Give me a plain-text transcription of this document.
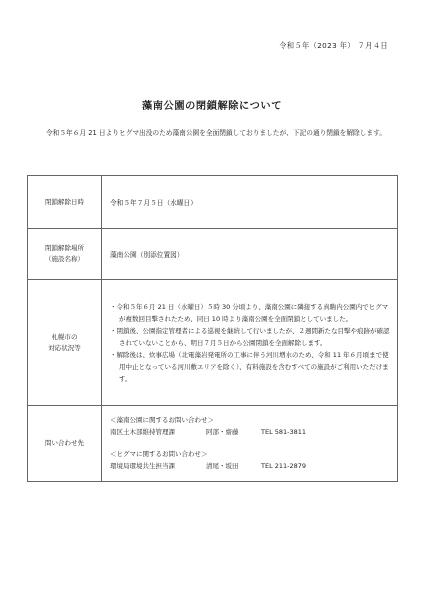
令和５年（2023 年） ７月４日
藻南公園の閉鎖解除について
令和５年６月 21 日よりヒグマ出没のため藻南公園を全面閉鎖しておりましたが、下記の通り閉鎖を解除します。
閉鎖解除日時	令和５年７月５日（水曜日）

閉鎖解除場所
（施設名称）	藻南公園（別添位置図）

札幌市の
対応状況等	・令和５年６月 21 日（水曜日）５時 30 分頃より、藻南公園に隣接する真駒内公園内でヒグマが複数回目撃されたため、同日 10 時より藻南公園を全面閉鎖としていました。
・閉鎖後、公園指定管理者による巡視を継続して行いましたが、２週間新たな目撃や痕跡が確認されていないことから、明日７月５日から公園閉鎖を全面解除します。
・解除後は、炊事広場（北電藻岩発電所の工事に伴う河川増水のため、令和 11 年６月頃まで使用中止となっている河川敷エリアを除く）、有料施設を含むすべての施設がご利用いただけます。

問い合わせ先	＜藻南公園に関するお問い合わせ＞
南区土木部維持管理課 阿部・齋藤 TEL 581-3811
＜ヒグマに関するお問い合わせ＞
環境局環境共生担当課 清尾・坂田 TEL 211-2879
